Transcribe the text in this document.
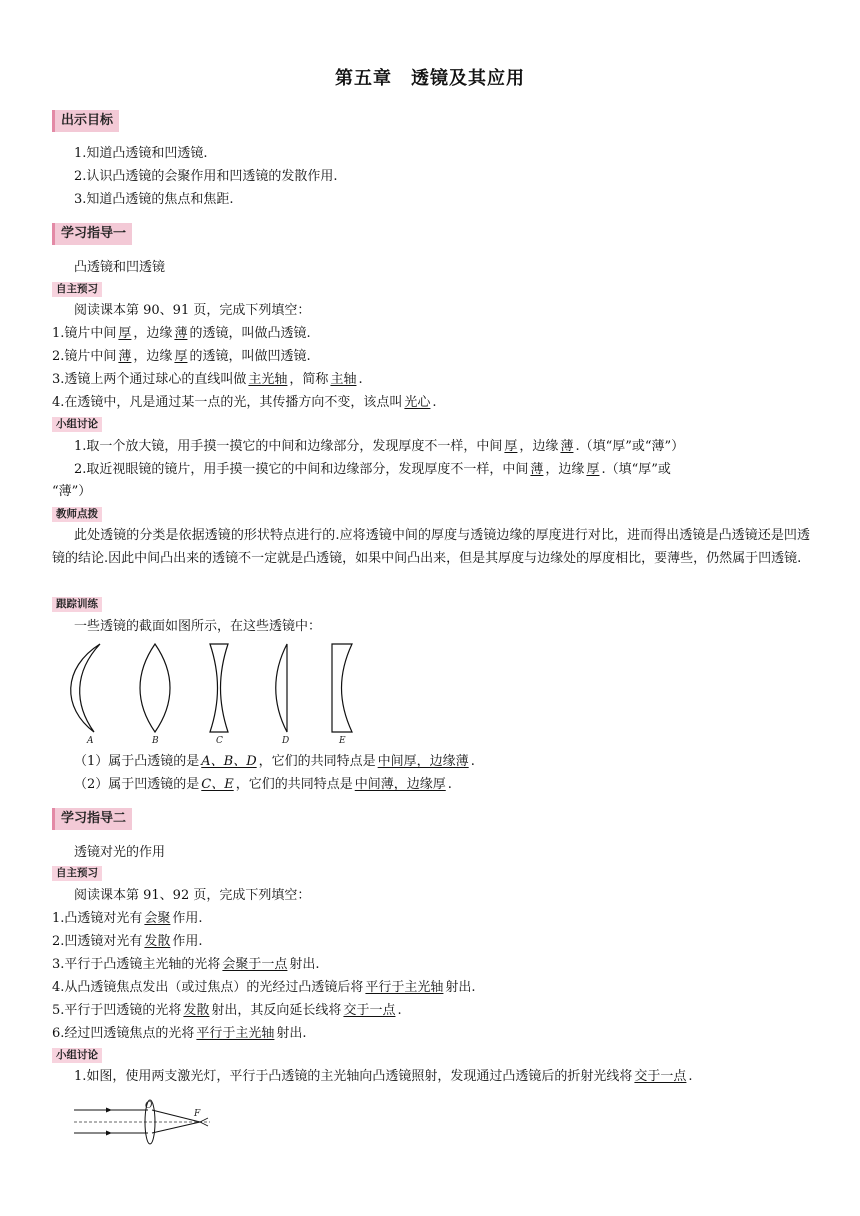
第五章　透镜及其应用
出示目标
1.知道凸透镜和凹透镜.
2.认识凸透镜的会聚作用和凹透镜的发散作用.
3.知道凸透镜的焦点和焦距.
学习指导一
凸透镜和凹透镜
自主预习
阅读课本第 90、91 页，完成下列填空：
1.镜片中间 厚 ，边缘 薄 的透镜，叫做凸透镜.
2.镜片中间 薄 ，边缘 厚 的透镜，叫做凹透镜.
3.透镜上两个通过球心的直线叫做 主光轴 ，简称 主轴 .
4.在透镜中，凡是通过某一点的光，其传播方向不变，该点叫 光心 .
小组讨论
1.取一个放大镜，用手摸一摸它的中间和边缘部分，发现厚度不一样，中间 厚 ，边缘 薄 .（填“厚”或“薄”）
2.取近视眼镜的镜片，用手摸一摸它的中间和边缘部分，发现厚度不一样，中间 薄 ，边缘 厚 .（填“厚”或
“薄”）
教师点拨
此处透镜的分类是依据透镜的形状特点进行的.应将透镜中间的厚度与透镜边缘的厚度进行对比，进而得出透镜是凸透镜还是凹透镜的结论.因此中间凸出来的透镜不一定就是凸透镜，如果中间凸出来，但是其厚度与边缘处的厚度相比，要薄些，仍然属于凹透镜.
跟踪训练
一些透镜的截面如图所示，在这些透镜中：
A	B	C	D	E
（1）属于凸透镜的是 A、B、D ，它们的共同特点是 中间厚，边缘薄 .
（2）属于凹透镜的是 C、E ，它们的共同特点是 中间薄，边缘厚 .
学习指导二
透镜对光的作用
自主预习
阅读课本第 91、92 页，完成下列填空：
1.凸透镜对光有 会聚 作用.
2.凹透镜对光有 发散 作用.
3.平行于凸透镜主光轴的光将 会聚于一点 射出.
4.从凸透镜焦点发出（或过焦点）的光经过凸透镜后将 平行于主光轴 射出.
5.平行于凹透镜的光将 发散 射出，其反向延长线将 交于一点 .
6.经过凹透镜焦点的光将 平行于主光轴 射出.
小组讨论
1.如图，使用两支激光灯，平行于凸透镜的主光轴向凸透镜照射，发现通过凸透镜后的折射光线将 交于一点 .
O
F
